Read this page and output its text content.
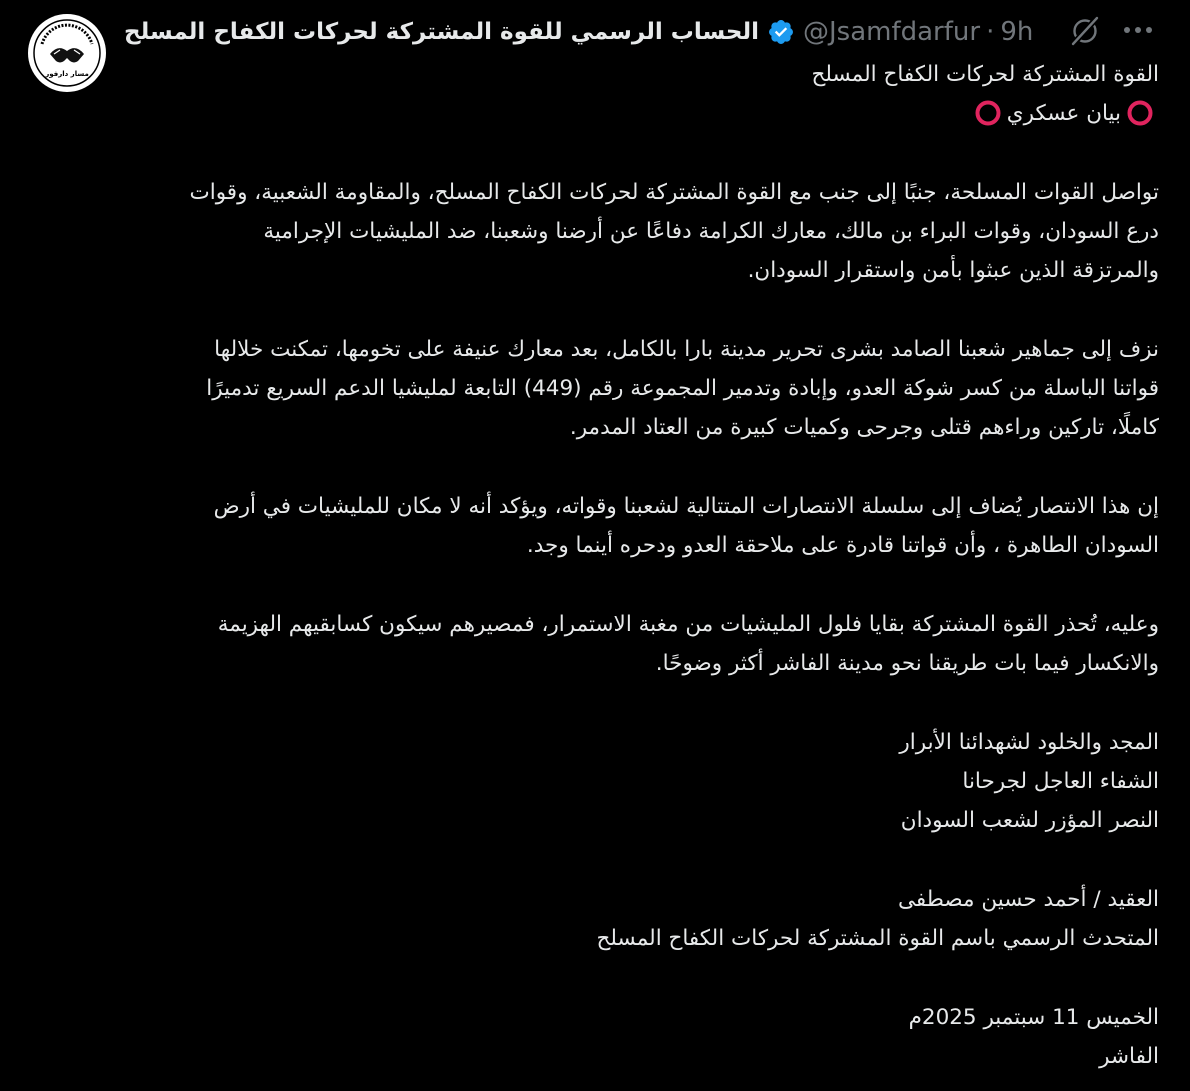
مسار دارفور
الحساب الرسمي للقوة المشتركة لحركات الكفاح المسلح @Jsamfdarfur · 9h
القوة المشتركة لحركات الكفاح المسلح
بيان عسكري
تواصل القوات المسلحة، جنبًا إلى جنب مع القوة المشتركة لحركات الكفاح المسلح، والمقاومة الشعبية، وقوات
درع السودان، وقوات البراء بن مالك، معارك الكرامة دفاعًا عن أرضنا وشعبنا، ضد المليشيات الإجرامية
والمرتزقة الذين عبثوا بأمن واستقرار السودان.
نزف إلى جماهير شعبنا الصامد بشرى تحرير مدينة بارا بالكامل، بعد معارك عنيفة على تخومها، تمكنت خلالها
قواتنا الباسلة من كسر شوكة العدو، وإبادة وتدمير المجموعة رقم (449) التابعة لمليشيا الدعم السريع تدميرًا
كاملًا، تاركين وراءهم قتلى وجرحى وكميات كبيرة من العتاد المدمر.
إن هذا الانتصار يُضاف إلى سلسلة الانتصارات المتتالية لشعبنا وقواته، ويؤكد أنه لا مكان للمليشيات في أرض
السودان الطاهرة ، وأن قواتنا قادرة على ملاحقة العدو ودحره أينما وجد.
وعليه، تُحذر القوة المشتركة بقايا فلول المليشيات من مغبة الاستمرار، فمصيرهم سيكون كسابقيهم الهزيمة
والانكسار فيما بات طريقنا نحو مدينة الفاشر أكثر وضوحًا.
المجد والخلود لشهدائنا الأبرار
الشفاء العاجل لجرحانا
النصر المؤزر لشعب السودان
العقيد / أحمد حسين مصطفى
المتحدث الرسمي باسم القوة المشتركة لحركات الكفاح المسلح
الخميس 11 سبتمبر 2025م
الفاشر
